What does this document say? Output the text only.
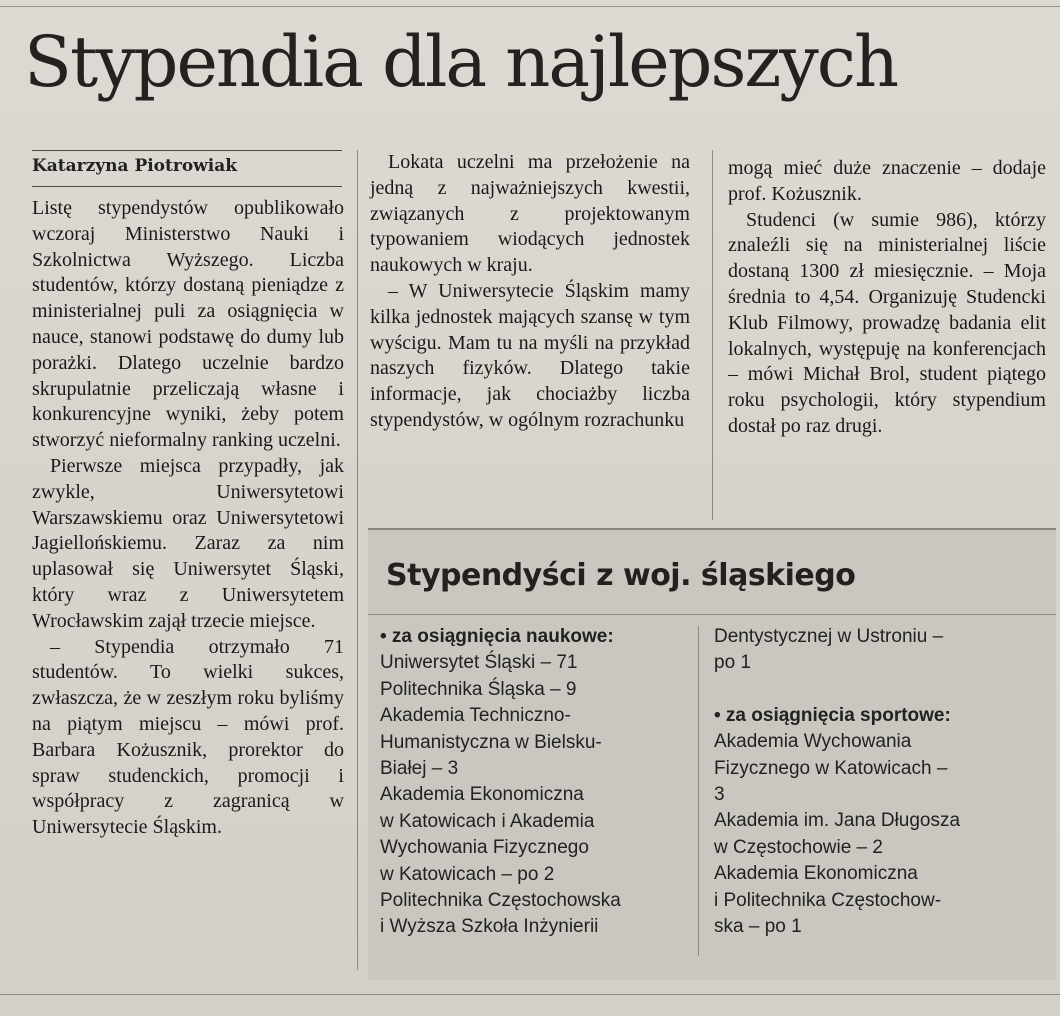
Stypendia dla najlepszych
Katarzyna Piotrowiak

Listę stypendystów opublikowało wczoraj Ministerstwo Nauki i Szkolnictwa Wyższego. Liczba studentów, którzy dostaną pieniądze z ministerialnej puli za osiągnięcia w nauce, stanowi podstawę do dumy lub porażki. Dlatego uczelnie bardzo skrupulatnie przeliczają własne i konkurencyjne wyniki, żeby potem stworzyć nieformalny ranking uczelni.

Pierwsze miejsca przypadły, jak zwykle, Uniwersytetowi Warszawskiemu oraz Uniwersytetowi Jagiellońskiemu. Zaraz za nim uplasował się Uniwersytet Śląski, który wraz z Uniwersytetem Wrocławskim zajął trzecie miejsce.

– Stypendia otrzymało 71 studentów. To wielki sukces, zwłaszcza, że w zeszłym roku byliśmy na piątym miejscu – mówi prof. Barbara Kożusznik, prorektor do spraw studenckich, promocji i współpracy z zagranicą w Uniwersytecie Śląskim.

Lokata uczelni ma przełożenie na jedną z najważniejszych kwestii, związanych z projektowanym typowaniem wiodących jednostek naukowych w kraju.

– W Uniwersytecie Śląskim mamy kilka jednostek mających szansę w tym wyścigu. Mam tu na myśli na przykład naszych fizyków. Dlatego takie informacje, jak chociażby liczba stypendystów, w ogólnym rozrachunku

mogą mieć duże znaczenie – dodaje prof. Kożusznik.

Studenci (w sumie 986), którzy znaleźli się na ministerialnej liście dostaną 1300 zł miesięcznie. – Moja średnia to 4,54. Organizuję Studencki Klub Filmowy, prowadzę badania elit lokalnych, występuję na konferencjach – mówi Michał Brol, student piątego roku psychologii, który stypendium dostał po raz drugi.

Stypendyści z woj. śląskiego
• za osiągnięcia naukowe:
Uniwersytet Śląski – 71
Politechnika Śląska – 9
Akademia Techniczno-
Humanistyczna w Bielsku-
Białej – 3
Akademia Ekonomiczna
w Katowicach i Akademia
Wychowania Fizycznego
w Katowicach – po 2
Politechnika Częstochowska
i Wyższa Szkoła Inżynierii
Dentystycznej w Ustroniu –
po 1
• za osiągnięcia sportowe:
Akademia Wychowania
Fizycznego w Katowicach –
3
Akademia im. Jana Długosza
w Częstochowie – 2
Akademia Ekonomiczna
i Politechnika Częstochow-
ska – po 1
